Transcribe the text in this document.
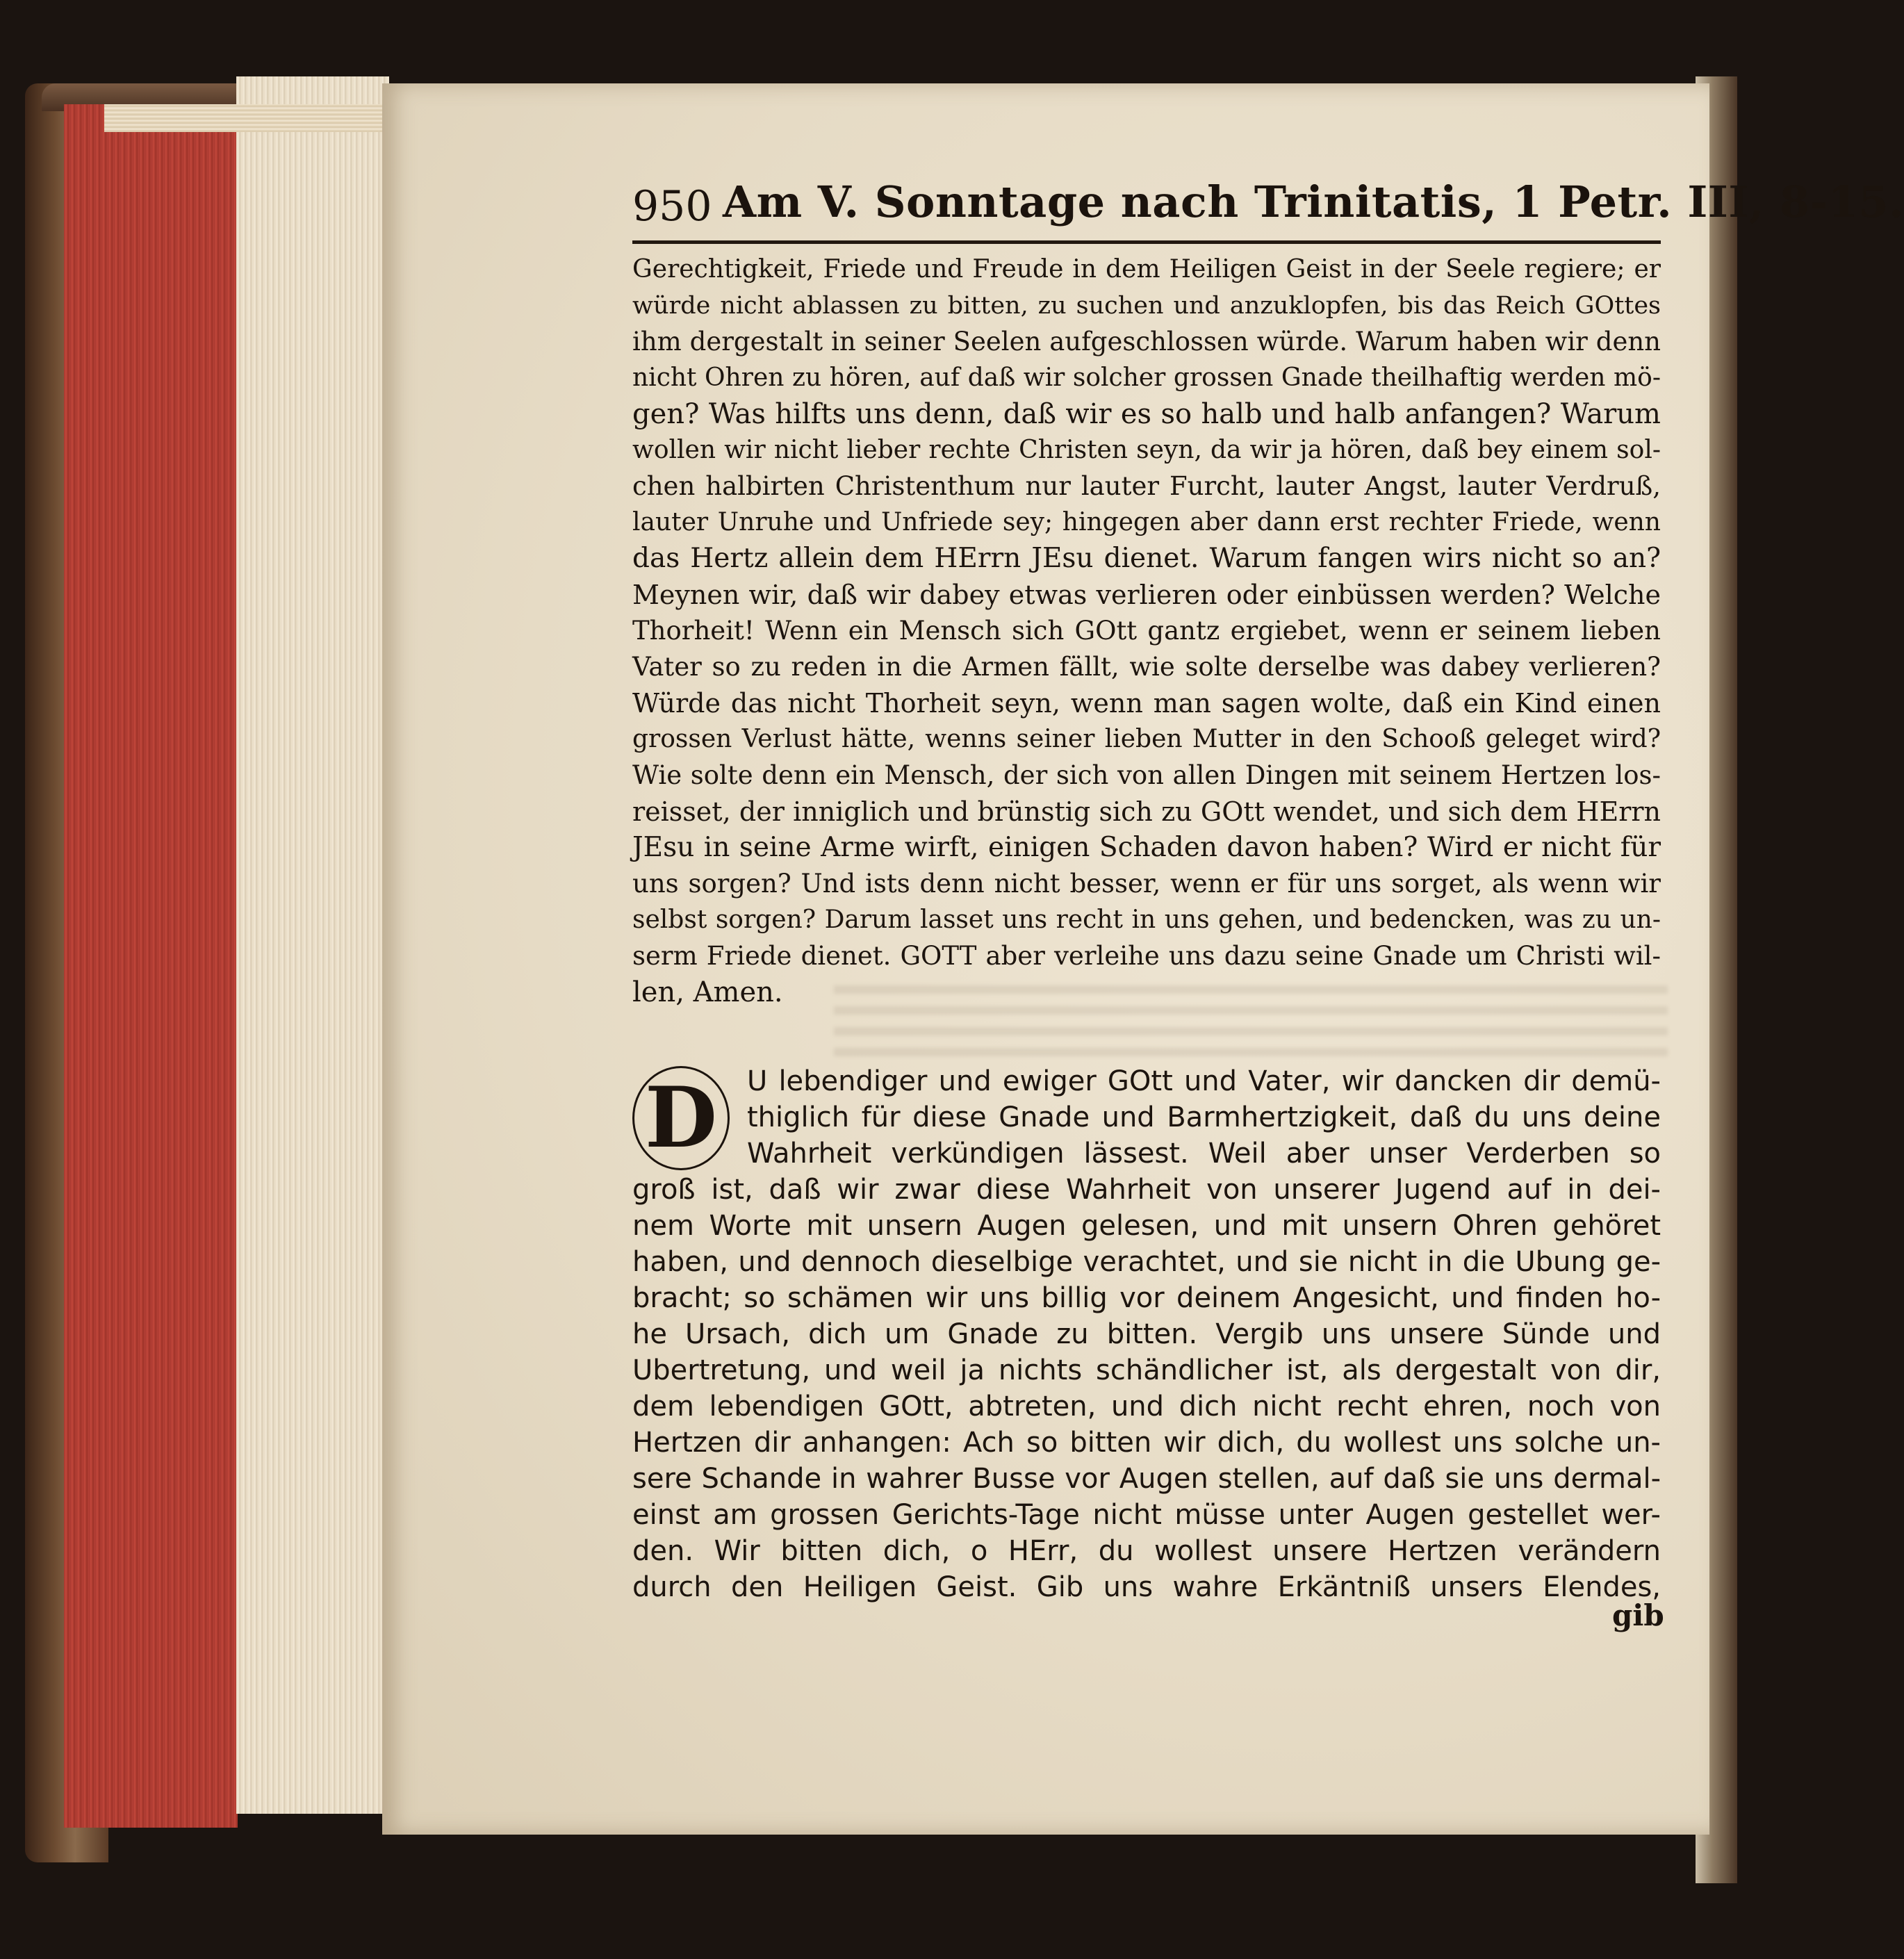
950 Am V. Sonntage nach Trinitatis, 1 Petr. III, 8-15.
Gerechtigkeit, Friede und Freude in dem Heiligen Geist in der Seele regiere; er
würde nicht ablassen zu bitten, zu suchen und anzuklopfen, bis das Reich GOttes
ihm dergestalt in seiner Seelen aufgeschlossen würde. Warum haben wir denn
nicht Ohren zu hören, auf daß wir solcher grossen Gnade theilhaftig werden mö-
gen? Was hilfts uns denn, daß wir es so halb und halb anfangen? Warum
wollen wir nicht lieber rechte Christen seyn, da wir ja hören, daß bey einem sol-
chen halbirten Christenthum nur lauter Furcht, lauter Angst, lauter Verdruß,
lauter Unruhe und Unfriede sey; hingegen aber dann erst rechter Friede, wenn
das Hertz allein dem HErrn JEsu dienet. Warum fangen wirs nicht so an?
Meynen wir, daß wir dabey etwas verlieren oder einbüssen werden? Welche
Thorheit! Wenn ein Mensch sich GOtt gantz ergiebet, wenn er seinem lieben
Vater so zu reden in die Armen fällt, wie solte derselbe was dabey verlieren?
Würde das nicht Thorheit seyn, wenn man sagen wolte, daß ein Kind einen
grossen Verlust hätte, wenns seiner lieben Mutter in den Schooß geleget wird?
Wie solte denn ein Mensch, der sich von allen Dingen mit seinem Hertzen los-
reisset, der inniglich und brünstig sich zu GOtt wendet, und sich dem HErrn
JEsu in seine Arme wirft, einigen Schaden davon haben? Wird er nicht für
uns sorgen? Und ists denn nicht besser, wenn er für uns sorget, als wenn wir
selbst sorgen? Darum lasset uns recht in uns gehen, und bedencken, was zu un-
serm Friede dienet. GOTT aber verleihe uns dazu seine Gnade um Christi wil-
len, Amen.
D	U lebendiger und ewiger GOtt und Vater, wir dancken dir demü-
thiglich für diese Gnade und Barmhertzigkeit, daß du uns deine
Wahrheit verkündigen lässest. Weil aber unser Verderben so
groß ist, daß wir zwar diese Wahrheit von unserer Jugend auf in dei-
nem Worte mit unsern Augen gelesen, und mit unsern Ohren gehöret
haben, und dennoch dieselbige verachtet, und sie nicht in die Ubung ge-
bracht; so schämen wir uns billig vor deinem Angesicht, und finden ho-
he Ursach, dich um Gnade zu bitten. Vergib uns unsere Sünde und
Ubertretung, und weil ja nichts schändlicher ist, als dergestalt von dir,
dem lebendigen GOtt, abtreten, und dich nicht recht ehren, noch von
Hertzen dir anhangen: Ach so bitten wir dich, du wollest uns solche un-
sere Schande in wahrer Busse vor Augen stellen, auf daß sie uns dermal-
einst am grossen Gerichts-Tage nicht müsse unter Augen gestellet wer-
den. Wir bitten dich, o HErr, du wollest unsere Hertzen verändern
durch den Heiligen Geist. Gib uns wahre Erkäntniß unsers Elendes,
gib
